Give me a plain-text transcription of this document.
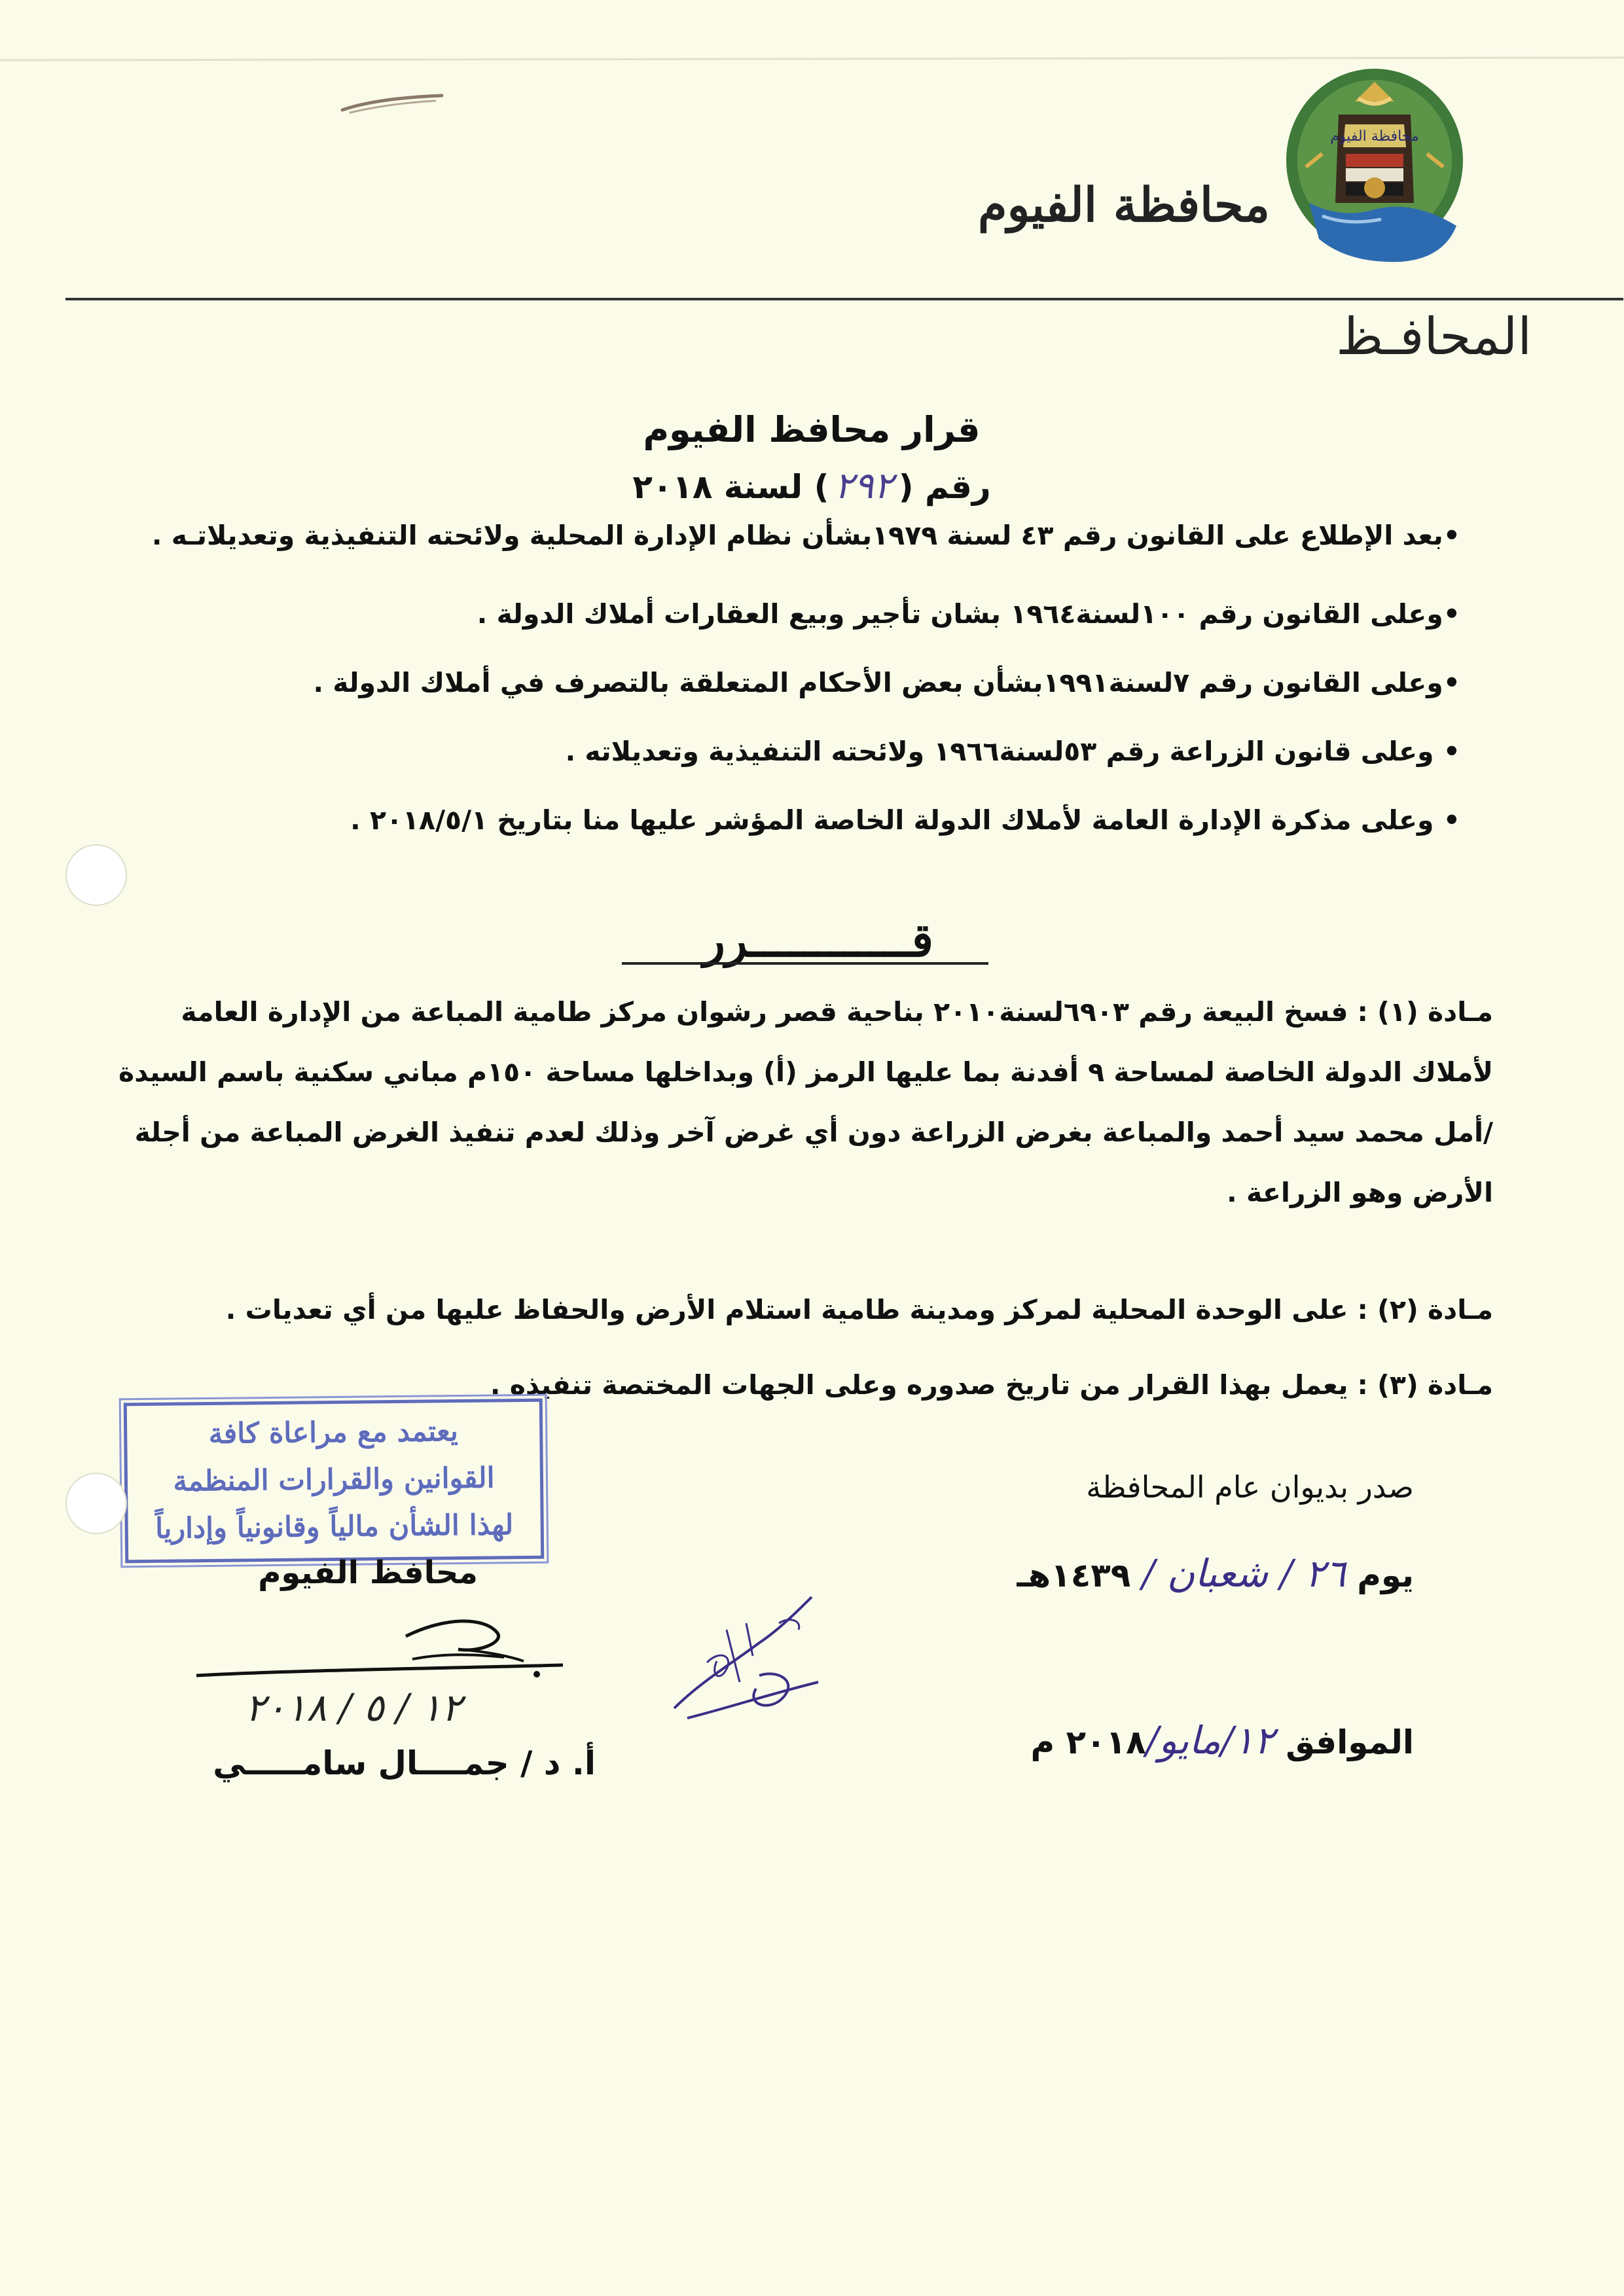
محافظة الفيوم
محافظة الفيوم
المحافـظ
قرار محافظ الفيوم
رقم (٢٩٢) لسنة ٢٠١٨

•بعد الإطلاع على القانون رقم ٤٣ لسنة ١٩٧٩بشأن نظام الإدارة المحلية ولائحته التنفيذية وتعديلاتـه .

•وعلى القانون رقم ١٠٠لسنة١٩٦٤ بشان تأجير وبيع العقارات أملاك الدولة .

•وعلى القانون رقم ٧لسنة١٩٩١بشأن بعض الأحكام المتعلقة بالتصرف في أملاك الدولة .

• وعلى قانون الزراعة رقم ٥٣لسنة١٩٦٦ ولائحته التنفيذية وتعديلاته .

• وعلى مذكرة الإدارة العامة لأملاك الدولة الخاصة المؤشر عليها منا بتاريخ ٢٠١٨/٥/١ .

قــــــــــــرر

مـادة (١) :فسخ البيعة رقم ٦٩٠٣لسنة٢٠١٠ بناحية قصر رشوان مركز طامية المباعة من الإدارة العامة لأملاك الدولة الخاصة لمساحة ٩ أفدنة بما عليها الرمز (أ) وبداخلها مساحة ١٥٠م مباني سكنية باسم السيدة /أمل محمد سيد أحمد والمباعة بغرض الزراعة دون أي غرض آخر وذلك لعدم تنفيذ الغرض المباعة من أجلة الأرض وهو الزراعة .

مـادة (٢) :على الوحدة المحلية لمركز ومدينة طامية استلام الأرض والحفاظ عليها من أي تعديات .

مـادة (٣) :يعمل بهذا القرار من تاريخ صدوره وعلى الجهات المختصة تنفيذه .

يعتمد مع مراعاة كافة
القوانين والقرارات المنظمة
لهذا الشأن مالياً وقانونياً وإدارياً
صدر بديوان عام المحافظة
يوم ٢٦ / شعبان / ١٤٣٩هـ
الموافق ١٢/مايو/٢٠١٨ م
محافظ الفيوم
١٢ / ٥ / ٢٠١٨
أ. د / جمــــال سامـــــي
